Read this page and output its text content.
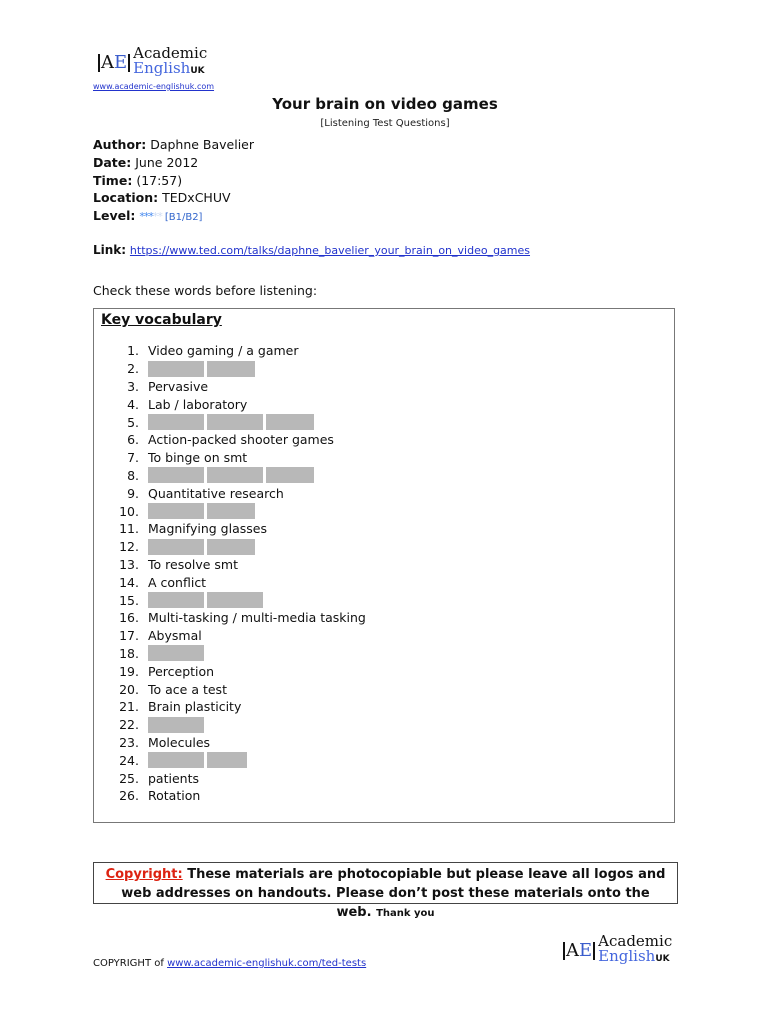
A E Academic
EnglishUK
www.academic-englishuk.com
Your brain on video games
[Listening Test Questions]
Author: Daphne Bavelier
Date: June 2012
Time: (17:57)
Location: TEDxCHUV
Level: ***** [B1/B2]
Link: https://www.ted.com/talks/daphne_bavelier_your_brain_on_video_games
Check these words before listening:
Key vocabulary
1. Video gaming / a gamer
2.
3. Pervasive
4. Lab / laboratory
5.
6. Action-packed shooter games
7. To binge on smt
8.
9. Quantitative research
10.
11. Magnifying glasses
12.
13. To resolve smt
14. A conflict
15.
16. Multi-tasking / multi-media tasking
17. Abysmal
18.
19. Perception
20. To ace a test
21. Brain plasticity
22.
23. Molecules
24.
25. patients
26. Rotation
Copyright: These materials are photocopiable but please leave all logos and web addresses on handouts. Please don’t post these materials onto the web. Thank you
A E Academic
EnglishUK
COPYRIGHT of www.academic-englishuk.com/ted-tests
